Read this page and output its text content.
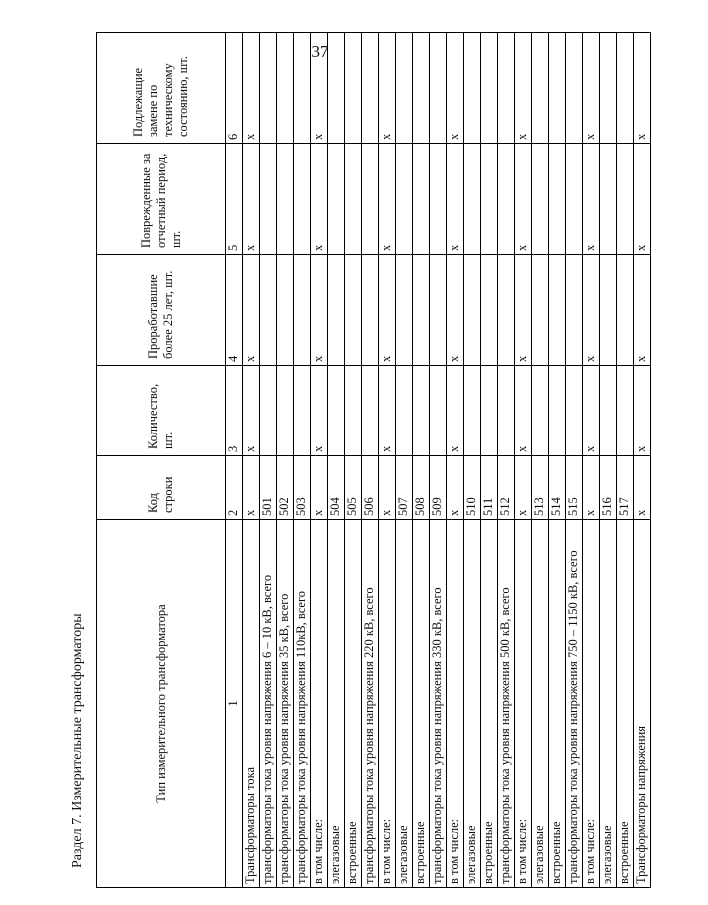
37
Раздел 7. Измерительные трансформаторы	Тип измерительного трансформатора	Код строки	Количество, шт.	Проработавшие более 25 лет, шт.	Поврежденные за отчетный период, шт.	Подлежащие замене по техническому состоянию, шт.
1	2	3	4	5	6
Трансформаторы тока	х	х	х	х	х
трансформаторы тока уровня напряжения 6 – 10 кВ, всего	501				
трансформаторы тока уровня напряжения 35 кВ, всего	502				
трансформаторы тока уровня напряжения 110кВ, всего	503				
в том числе:	х	х	х	х	х
элегазовые	504				
встроенные	505				
трансформаторы тока уровня напряжения 220 кВ, всего	506				
в том числе:	х	х	х	х	х
элегазовые	507				
встроенные	508				
трансформаторы тока уровня напряжения 330 кВ, всего	509				
в том числе:	х	х	х	х	х
элегазовые	510				
встроенные	511				
трансформаторы тока уровня напряжения 500 кВ, всего	512				
в том числе:	х	х	х	х	х
элегазовые	513				
встроенные	514				
трансформаторы тока уровня напряжения 750 – 1150 кВ, всего	515				
в том числе:	х	х	х	х	х
элегазовые	516				
встроенные	517				
Трансформаторы напряжения	х	х	х	х	х
